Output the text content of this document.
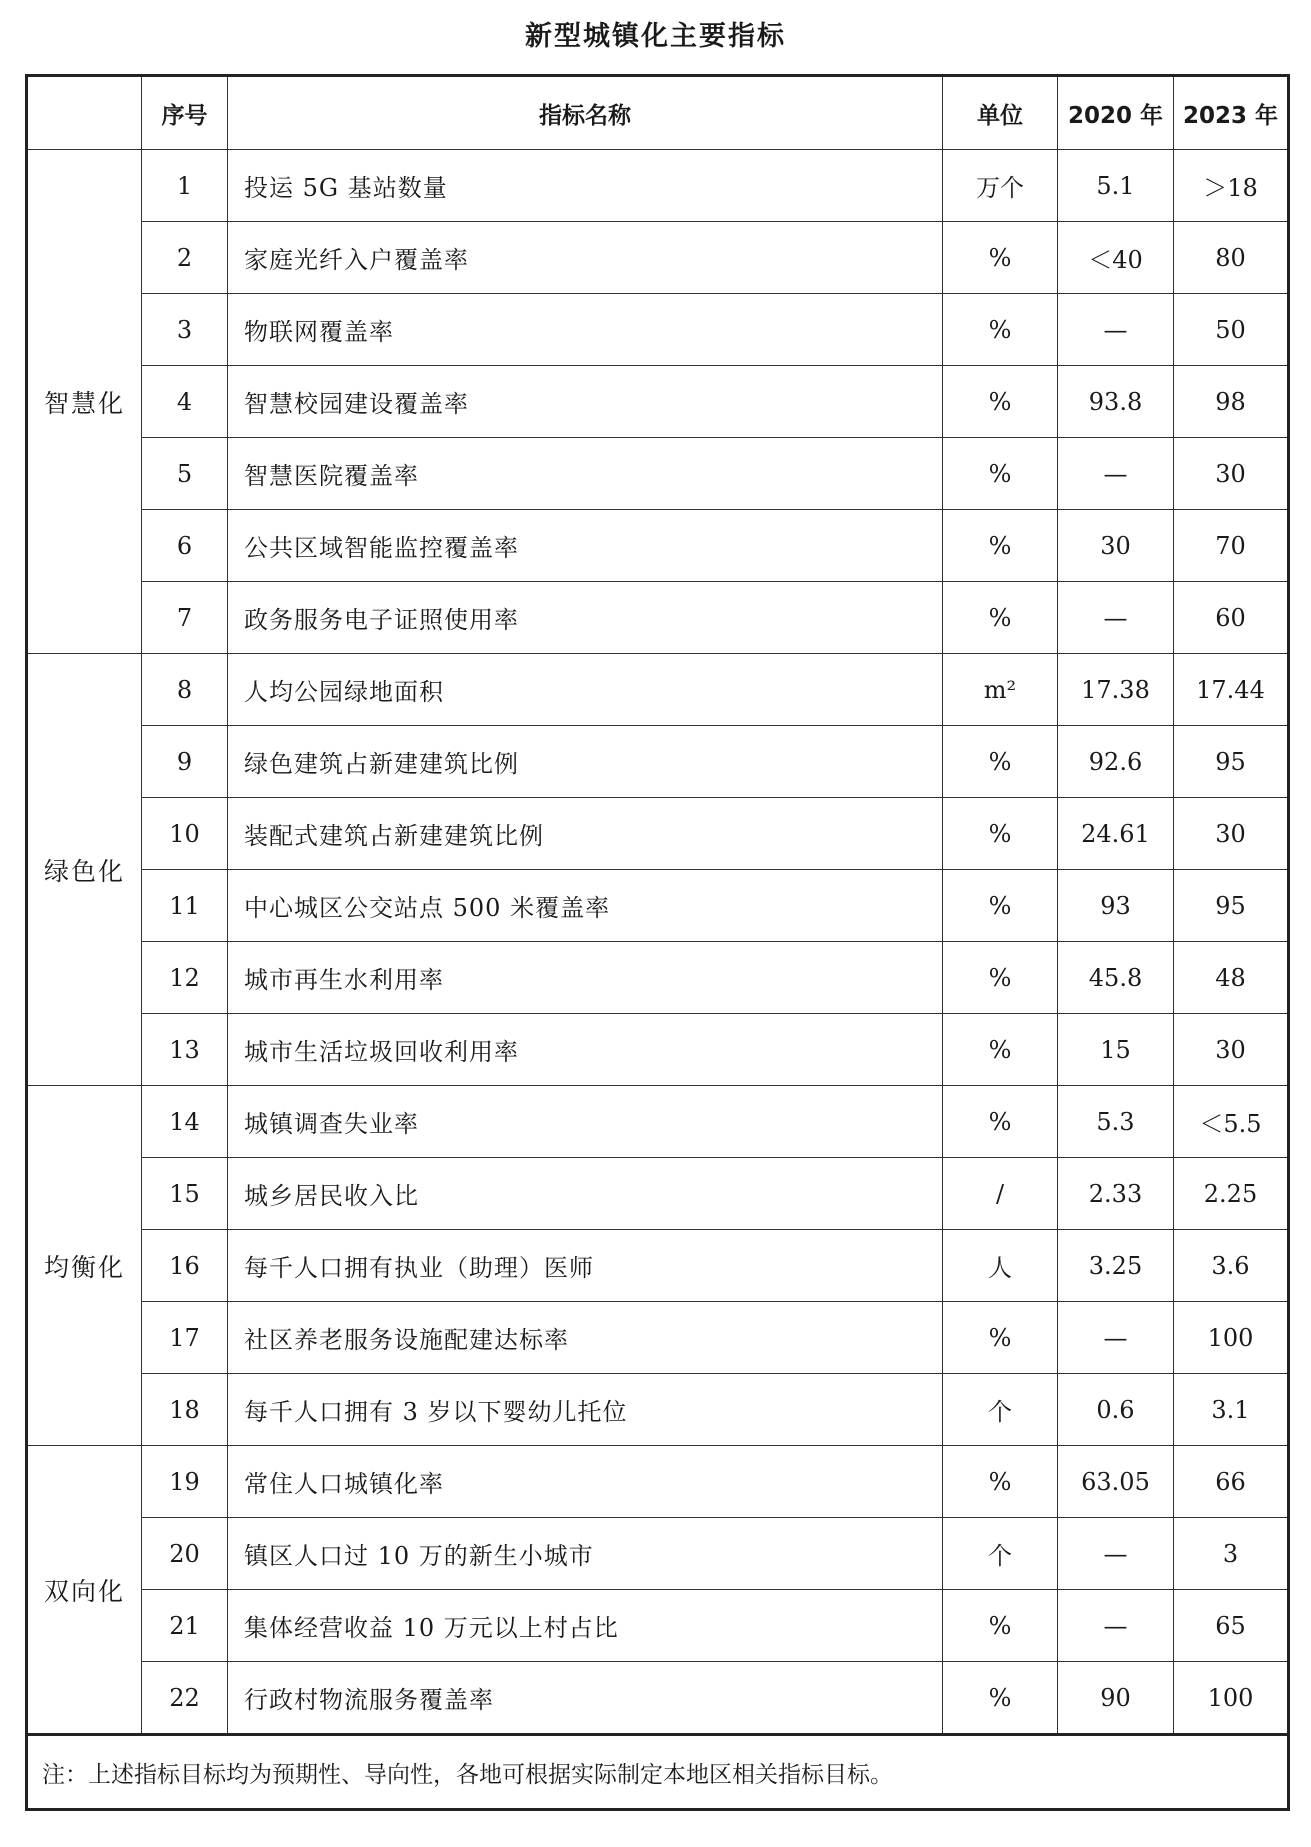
新型城镇化主要指标
	序号	指标名称	单位	2020 年	2023 年
智慧化	1	投运 5G 基站数量	万个	5.1	＞18
	2	家庭光纤入户覆盖率	%	＜40	80
	3	物联网覆盖率	%	—	50
	4	智慧校园建设覆盖率	%	93.8	98
	5	智慧医院覆盖率	%	—	30
	6	公共区域智能监控覆盖率	%	30	70
	7	政务服务电子证照使用率	%	—	60
绿色化	8	人均公园绿地面积	m²	17.38	17.44
	9	绿色建筑占新建建筑比例	%	92.6	95
	10	装配式建筑占新建建筑比例	%	24.61	30
	11	中心城区公交站点 500 米覆盖率	%	93	95
	12	城市再生水利用率	%	45.8	48
	13	城市生活垃圾回收利用率	%	15	30
均衡化	14	城镇调查失业率	%	5.3	＜5.5
	15	城乡居民收入比	/	2.33	2.25
	16	每千人口拥有执业（助理）医师	人	3.25	3.6
	17	社区养老服务设施配建达标率	%	—	100
	18	每千人口拥有 3 岁以下婴幼儿托位	个	0.6	3.1
双向化	19	常住人口城镇化率	%	63.05	66
	20	镇区人口过 10 万的新生小城市	个	—	3
	21	集体经营收益 10 万元以上村占比	%	—	65
	22	行政村物流服务覆盖率	%	90	100
注：上述指标目标均为预期性、导向性，各地可根据实际制定本地区相关指标目标。					
